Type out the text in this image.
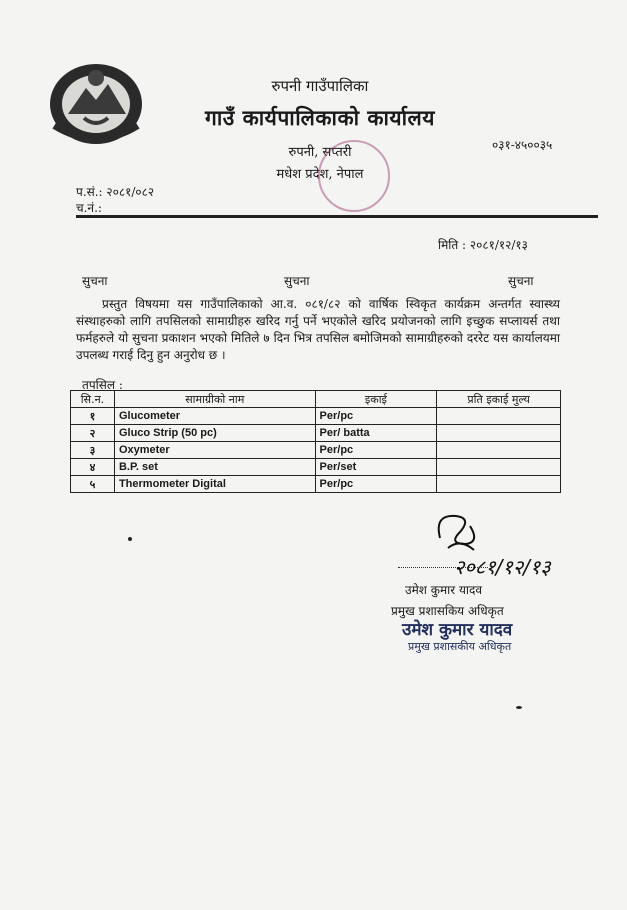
रुपनी गाउँपालिका
गाउँ कार्यपालिकाको कार्यालय
रुपनी, सप्तरी
मधेश प्रदेश, नेपाल
०३१-४५००३५
प.सं.: २०८१/०८२
च.नं.:
मिति : २०८१/१२/१३
सुचना	सुचना	सुचना
प्रस्तुत विषयमा यस गाउँपालिकाको आ.व. ०८१/८२ को वार्षिक स्विकृत कार्यक्रम अन्तर्गत स्वास्थ्य संस्थाहरुको लागि तपसिलको सामाग्रीहरु खरिद गर्नु पर्ने भएकोले खरिद प्रयोजनको लागि इच्छुक सप्लायर्स तथा फर्महरुले यो सुचना प्रकाशन भएको मितिले ७ दिन भित्र तपसिल बमोजिमको सामाग्रीहरुको दररेट यस कार्यालयमा उपलब्ध गराई दिनु हुन अनुरोध छ ।
तपसिल :
सि.न.	सामाग्रीको नाम	इकाई	प्रति इकाई मुल्य
१	Glucometer	Per/pc	
२	Gluco Strip (50 pc)	Per/ batta	
३	Oxymeter	Per/pc	
४	B.P. set	Per/set	
५	Thermometer Digital	Per/pc	
२०८१/१२/१३
उमेश कुमार यादव
प्रमुख प्रशासकिय अधिकृत
उमेश कुमार यादव
प्रमुख प्रशासकीय अधिकृत
